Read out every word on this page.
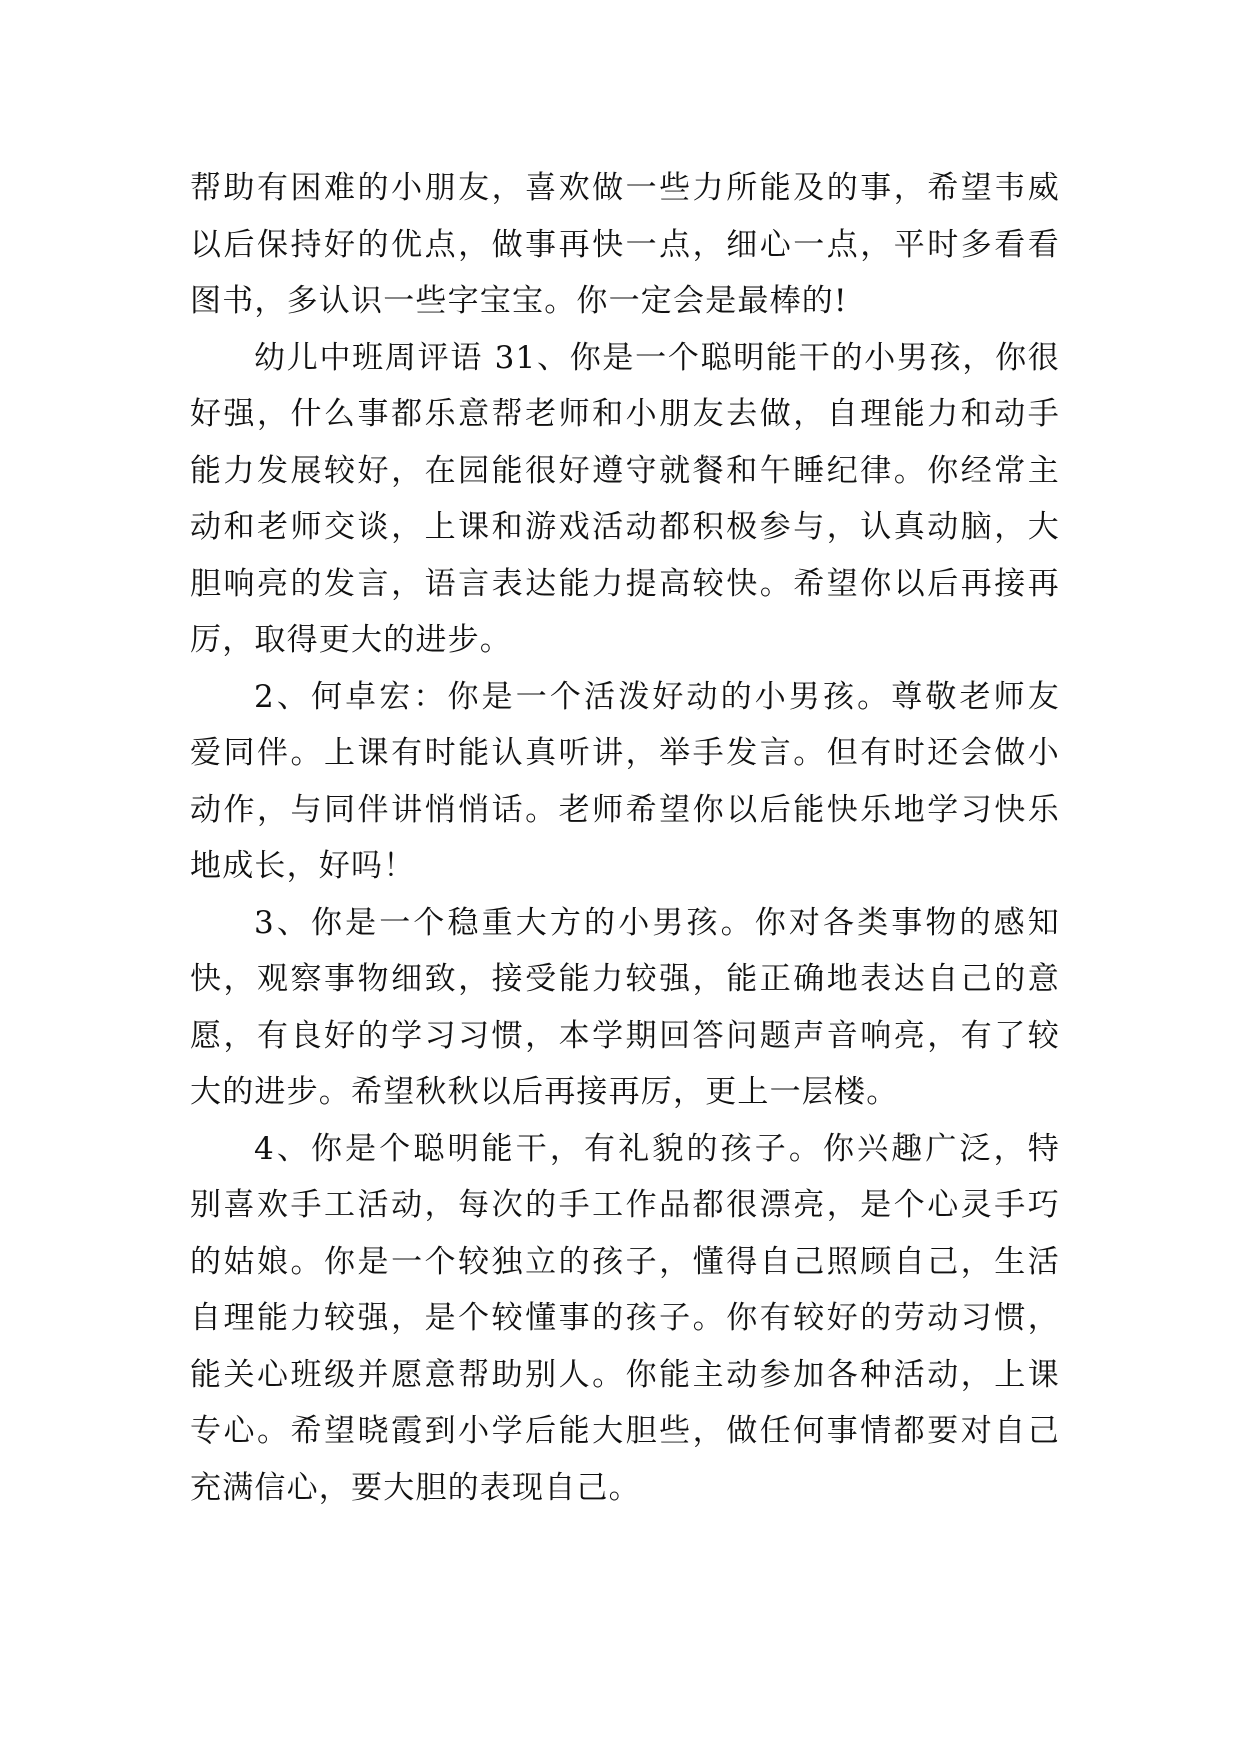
帮助有困难的小朋友，喜欢做一些力所能及的事，希望韦威
以后保持好的优点，做事再快一点，细心一点，平时多看看
图书，多认识一些字宝宝。你一定会是最棒的!
幼儿中班周评语 31、你是一个聪明能干的小男孩，你很
好强，什么事都乐意帮老师和小朋友去做，自理能力和动手
能力发展较好，在园能很好遵守就餐和午睡纪律。你经常主
动和老师交谈，上课和游戏活动都积极参与，认真动脑，大
胆响亮的发言，语言表达能力提高较快。希望你以后再接再
厉，取得更大的进步。
2、何卓宏：你是一个活泼好动的小男孩。尊敬老师友
爱同伴。上课有时能认真听讲，举手发言。但有时还会做小
动作，与同伴讲悄悄话。老师希望你以后能快乐地学习快乐
地成长，好吗！
3、你是一个稳重大方的小男孩。你对各类事物的感知
快，观察事物细致，接受能力较强，能正确地表达自己的意
愿，有良好的学习习惯，本学期回答问题声音响亮，有了较
大的进步。希望秋秋以后再接再厉，更上一层楼。
4、你是个聪明能干，有礼貌的孩子。你兴趣广泛，特
别喜欢手工活动，每次的手工作品都很漂亮，是个心灵手巧
的姑娘。你是一个较独立的孩子，懂得自己照顾自己，生活
自理能力较强，是个较懂事的孩子。你有较好的劳动习惯，
能关心班级并愿意帮助别人。你能主动参加各种活动，上课
专心。希望晓霞到小学后能大胆些，做任何事情都要对自己
充满信心，要大胆的表现自己。
